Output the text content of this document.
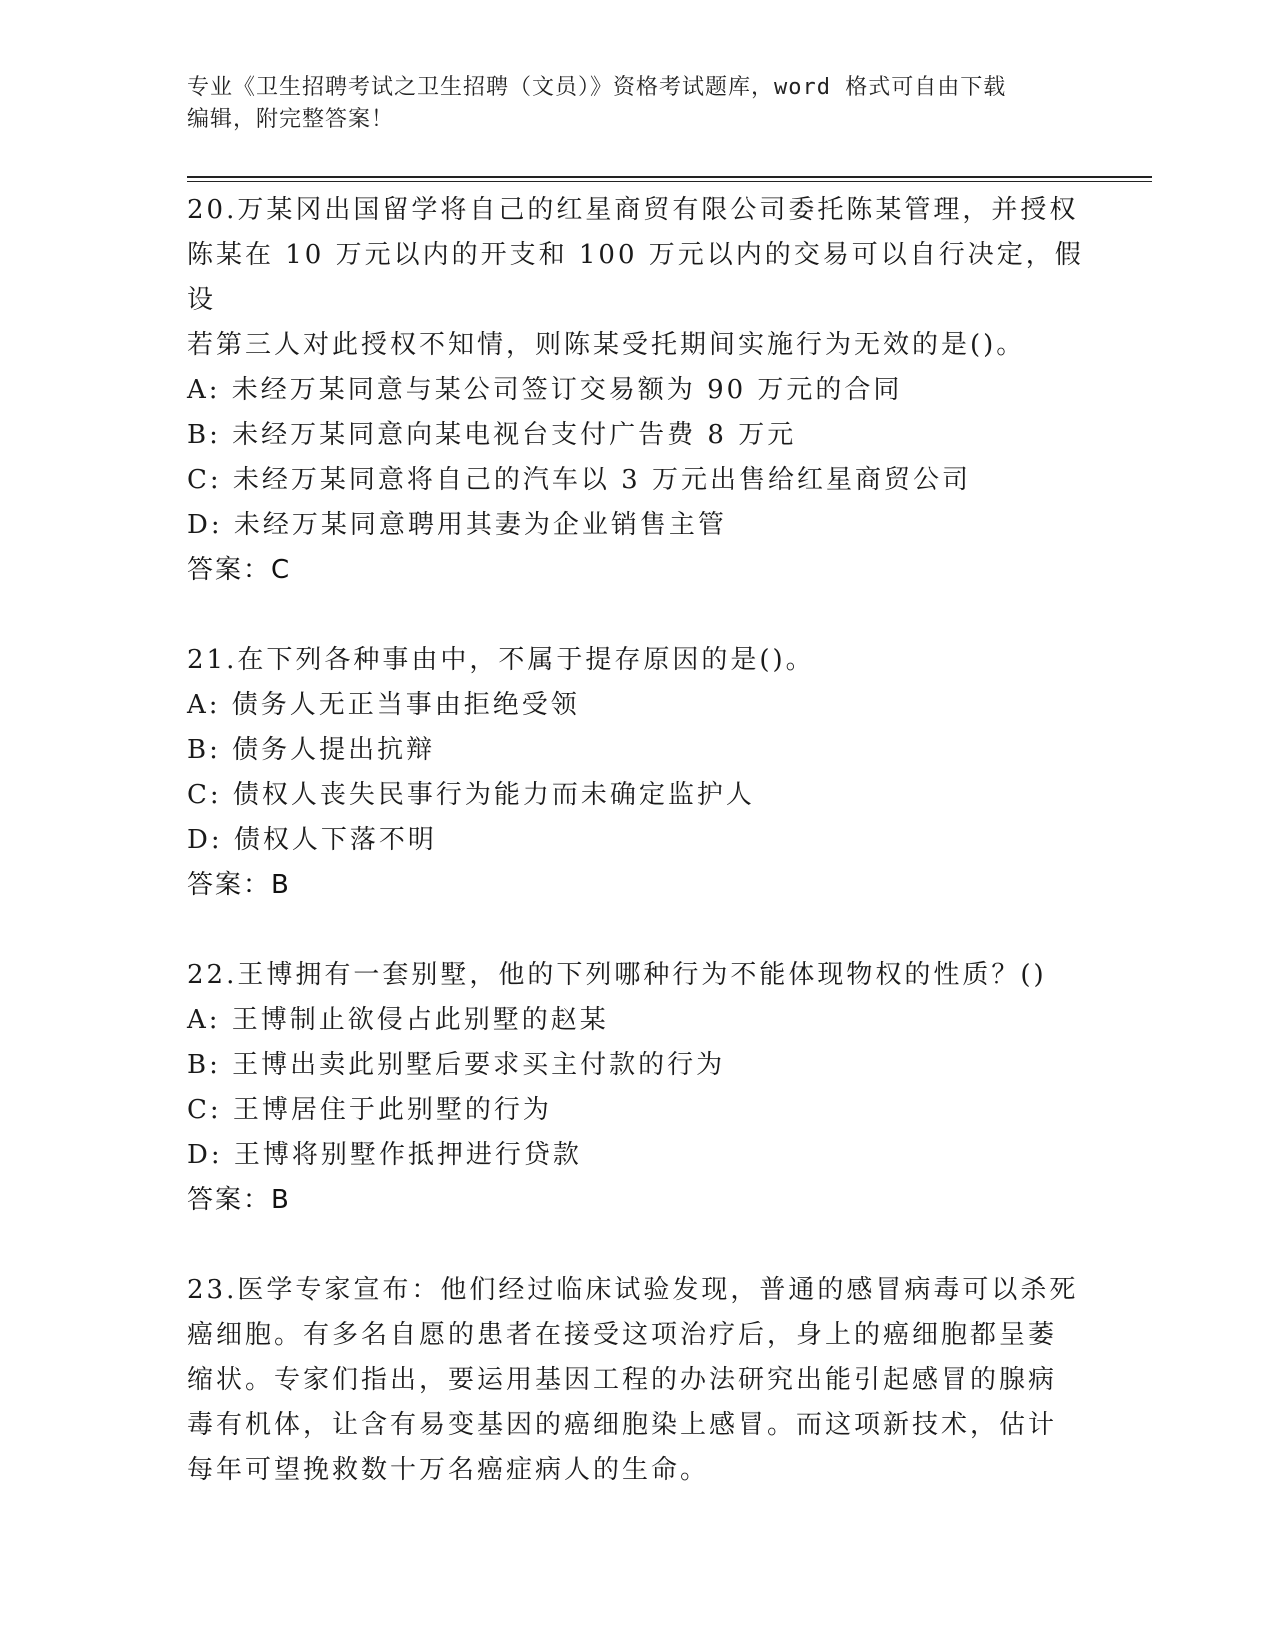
专业《卫生招聘考试之卫生招聘（文员）》资格考试题库，word 格式可自由下载
编辑，附完整答案！

20.万某冈出国留学将自己的红星商贸有限公司委托陈某管理，并授权

陈某在 10 万元以内的开支和 100 万元以内的交易可以自行决定，假设

若第三人对此授权不知情，则陈某受托期间实施行为无效的是()。

A: 未经万某同意与某公司签订交易额为 90 万元的合同

B: 未经万某同意向某电视台支付广告费 8 万元

C: 未经万某同意将自己的汽车以 3 万元出售给红星商贸公司

D: 未经万某同意聘用其妻为企业销售主管

答案：C

21.在下列各种事由中，不属于提存原因的是()。

A: 债务人无正当事由拒绝受领

B: 债务人提出抗辩

C: 债权人丧失民事行为能力而未确定监护人

D: 债权人下落不明

答案：B

22.王博拥有一套别墅，他的下列哪种行为不能体现物权的性质？()

A: 王博制止欲侵占此别墅的赵某

B: 王博出卖此别墅后要求买主付款的行为

C: 王博居住于此别墅的行为

D: 王博将别墅作抵押进行贷款

答案：B

23.医学专家宣布：他们经过临床试验发现，普通的感冒病毒可以杀死

癌细胞。有多名自愿的患者在接受这项治疗后，身上的癌细胞都呈萎

缩状。专家们指出，要运用基因工程的办法研究出能引起感冒的腺病

毒有机体，让含有易变基因的癌细胞染上感冒。而这项新技术，估计

每年可望挽救数十万名癌症病人的生命。
